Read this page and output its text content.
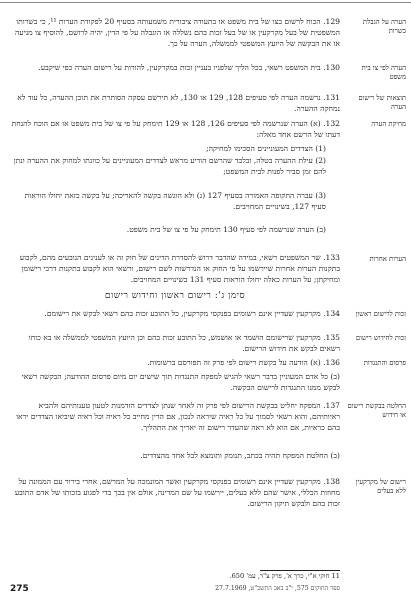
הערה על הגבלת כשרות

הערה לפי צו בית משפט

תוצאות של רישום הערה

מחיקת הערה

הערות אחרות

זכות לרישום ראשון

זכות לחידוש רישום

פרסום והתנגדות

החלטה בבקשת רישום או חידוש

רישום של מקרקעין ללא בעלים

129. הכוח לרשום בצו של בית משפט או בתעודה ציבורית משמעותה בסעיף 20 לפקודת הערות ¹¹, כי בשרותו המשפטית של בעל מקרקעין או של בעל זכות בהם נשללה או הוגבלה על פי הדין, יהיה לרושם, להוסיף צו מניעה או את הבקשה של היועץ המשפטי לממשלה, הערה על כך.

130. בית המשפט רשאי, בכל הליך שלפניו בעניין זכות במקרקעין, להורות על רישום הערה כפי שיקבע.

131. נרשמה הערה לפי סעיפים 128, 129 או 130, לא תירשם עסקה הסותרת את תוכן ההערה, כל עוד לא נמחקה ההערה.

132. (א) הערה שנרשמה לפי סעיפים 126, 128 או 129 תימחק על פי צו של בית משפט או אם הוכח להנחת דעתו של הרשם אחד מאלה:

(1) הצדדים המעוניינים הסכימו למחיקה;

(2) עילת ההערה בטלה, ובלבד שהרשם הודיע מראש לצדדים המעוניינים על כוונתו למחוק את ההערה ונתן להם זמן סביר לפנות לבית המשפט;

(3) עברה התקופה האמורה בסעיף 127 (ג) ולא הוגשה בקשה להאריכה; על בקשה כזאת יחולו הוראות סעיף 127, בשינויים המחויבים.

(ב) הערה שנרשמה לפי סעיף 130 תימחק על פי צו של בית משפט.

133. שר המשפטים רשאי, במידה שהדבר דרוש להסדרת הדינים של חוק זה או לענינים הנובעים מהם, לקבוע בתקנות הערות אחרות שיירשמו על פי החוק או הנדרשות לשם רישום, ורשאי הוא לקבוע בתקנות דרכי רישומן ומחיקתן; על הערות כאלה יחולו הוראות סעיף 131 בשינויים המחויבים.

סימן ג': רישום ראשון וחידוש רישום

134. מקרקעין שעדיין אינם רשומים בפנקסי מקרקעין, כל התובע זכות בהם רשאי לבקש את רישומם.

135. מקרקעין שרישומם הושמד או אושמש, כל התובע זכות בהם וכן היועץ המשפטי לממשלה או בא כוחו רשאים לבקש את חידוש הרישום.

136. (א) הודעה על בקשת רישום לפי פרק זה תפורסם ברשומות.

(ב) כל אדם המעוניין בדבר רשאי להגיש למפקח התנגדות תוך שישים יום מיום פרסום ההודעה; הבקשה רשאי לבקש ממנו התנגדות לרישום הבקשה.

137. המפקח יחליט בבקשת הרישום לפי פרק זה לאחר שנתן לצדדים הזדמנות לטעון טענותיהם ולהביא ראיותיהם, והוא רשאי לסמוך על כל ראיה שיראה לנכון, אם הדין מחייב כל ראיה וכל ראיה שיביאו הצדדים יראו בהם כראיות, אם הוא לא ראה שהעדר רישום זה יאריך את התהליך.

(ב) החלטת המפקח תהיה בכתב, תנומק ותומצא לכל אחד מהצדדים.

138. מקרקעין שעדיין אינם רשומים בפנקסי מקרקעין ואשר המונמכה על המרשם, אחרי בירור עם הממונה על מחוזות הכללי, אישר שהם ללא בעלים, יירשמו על שם המדינה, אולם אין בכך כדי לפגוע בזכותו של אדם התובע זכות בהם ולבקש תיקון הרישום.

11 חוקי א"י, כרך א', פרק צ"ד, עמ' 650.
ספר החוקים 575, י"ב באב התשכ"ט, 27.7.1969
275
